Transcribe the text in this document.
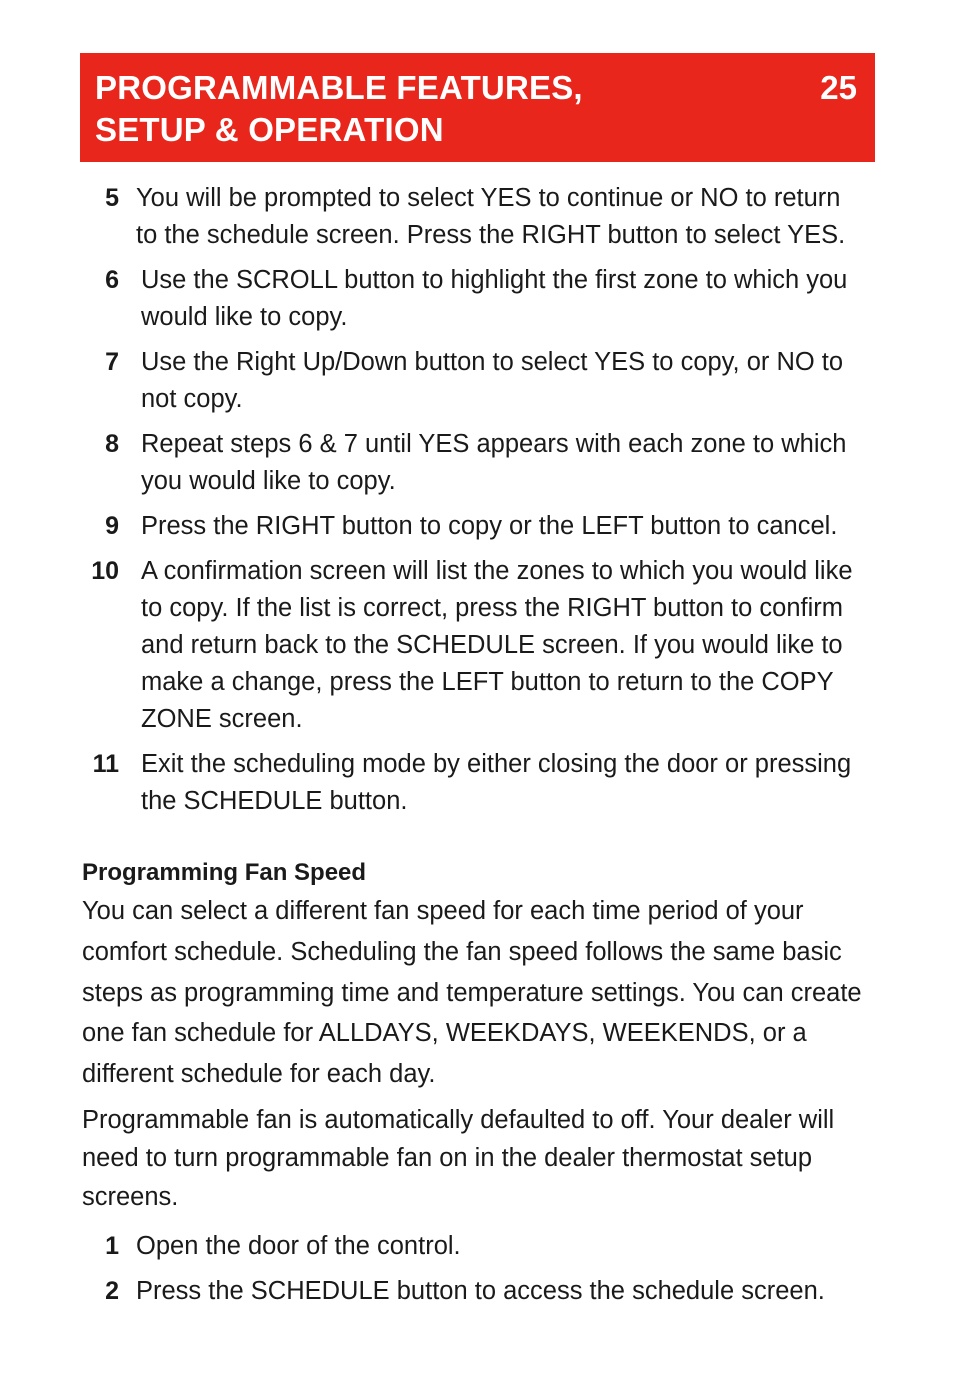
PROGRAMMABLE FEATURES,
SETUP & OPERATION
25
5 You will be prompted to select YES to continue or NO to return to the schedule screen. Press the RIGHT button to select YES.
6 Use the SCROLL button to highlight the first zone to which you would like to copy.
7 Use the Right Up/Down button to select YES to copy, or NO to not copy.
8 Repeat steps 6 & 7 until YES appears with each zone to which you would like to copy.
9 Press the RIGHT button to copy or the LEFT button to cancel.
10 A confirmation screen will list the zones to which you would like to copy. If the list is correct, press the RIGHT button to confirm and return back to the SCHEDULE screen. If you would like to make a change, press the LEFT button to return to the COPY ZONE screen.
11 Exit the scheduling mode by either closing the door or pressing the SCHEDULE button.
Programming Fan Speed

You can select a different fan speed for each time period of your comfort schedule. Scheduling the fan speed follows the same basic steps as programming time and temperature settings. You can create one fan schedule for ALLDAYS, WEEKDAYS, WEEKENDS, or a different schedule for each day.

Programmable fan is automatically defaulted to off. Your dealer will need to turn programmable fan on in the dealer thermostat setup screens.

1 Open the door of the control.
2 Press the SCHEDULE button to access the schedule screen.
